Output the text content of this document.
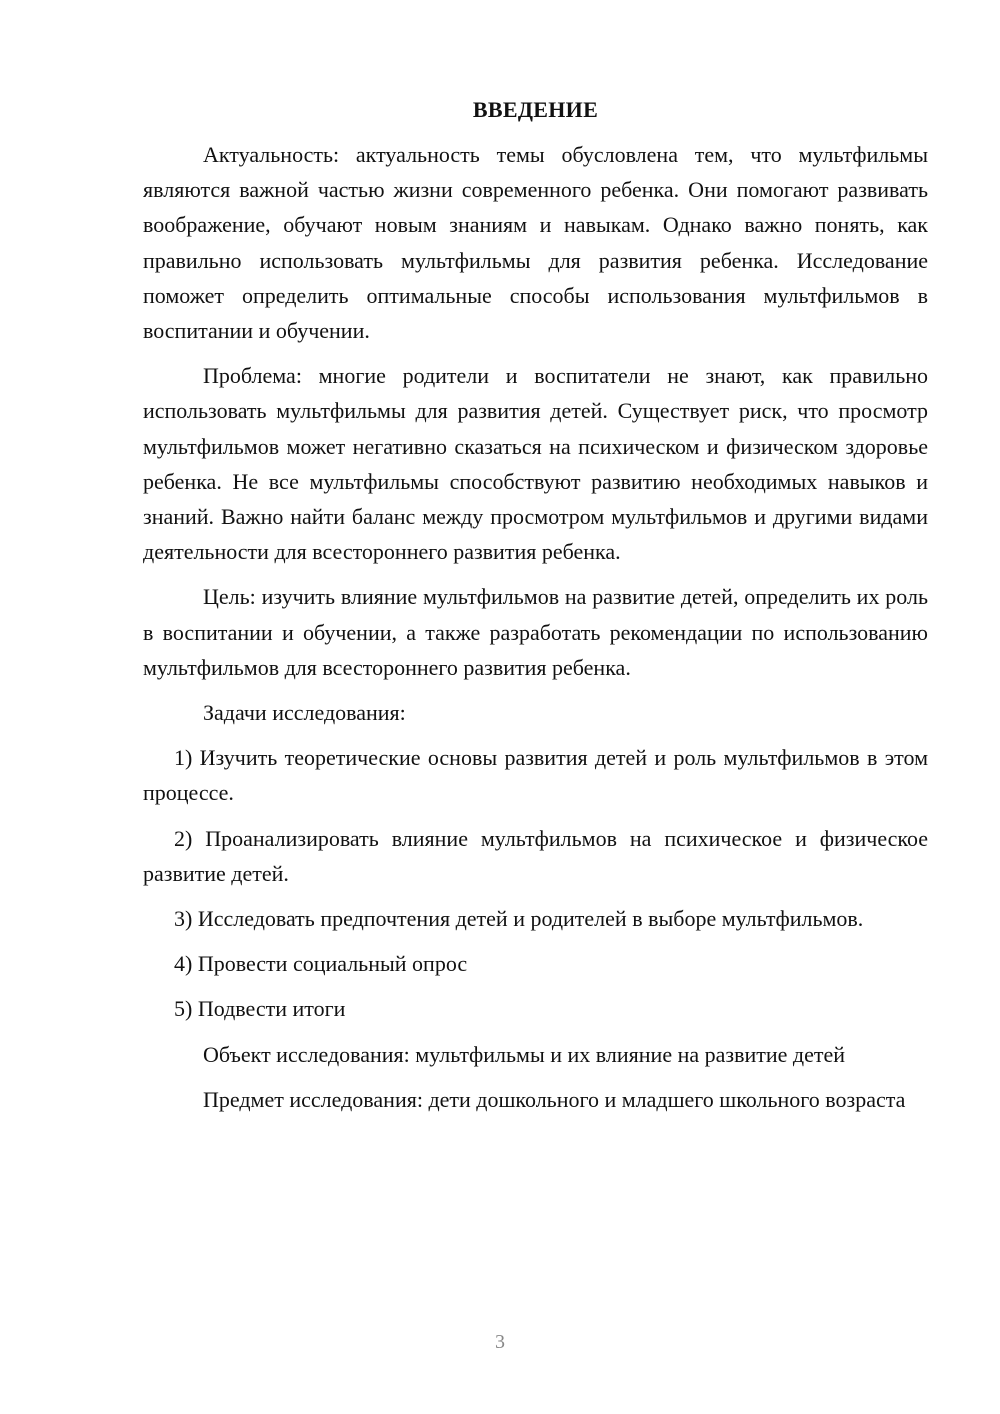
ВВЕДЕНИЕ

Актуальность: актуальность темы обусловлена тем, что мультфильмы являются важной частью жизни современного ребенка. Они помогают развивать воображение, обучают новым знаниям и навыкам. Однако важно понять, как правильно использовать мультфильмы для развития ребенка. Исследование поможет определить оптимальные способы использования мультфильмов в воспитании и обучении.

Проблема: многие родители и воспитатели не знают, как правильно использовать мультфильмы для развития детей. Существует риск, что просмотр мультфильмов может негативно сказаться на психическом и физическом здоровье ребенка. Не все мультфильмы способствуют развитию необходимых навыков и знаний. Важно найти баланс между просмотром мультфильмов и другими видами деятельности для всестороннего развития ребенка.

Цель: изучить влияние мультфильмов на развитие детей, определить их роль в воспитании и обучении, а также разработать рекомендации по использованию мультфильмов для всестороннего развития ребенка.

Задачи исследования:

1) Изучить теоретические основы развития детей и роль мультфильмов в этом процессе.

2) Проанализировать влияние мультфильмов на психическое и физическое развитие детей.

3) Исследовать предпочтения детей и родителей в выборе мультфильмов.

4) Провести социальный опрос

5) Подвести итоги

Объект исследования: мультфильмы и их влияние на развитие детей

Предмет исследования: дети дошкольного и младшего школьного возраста

3
